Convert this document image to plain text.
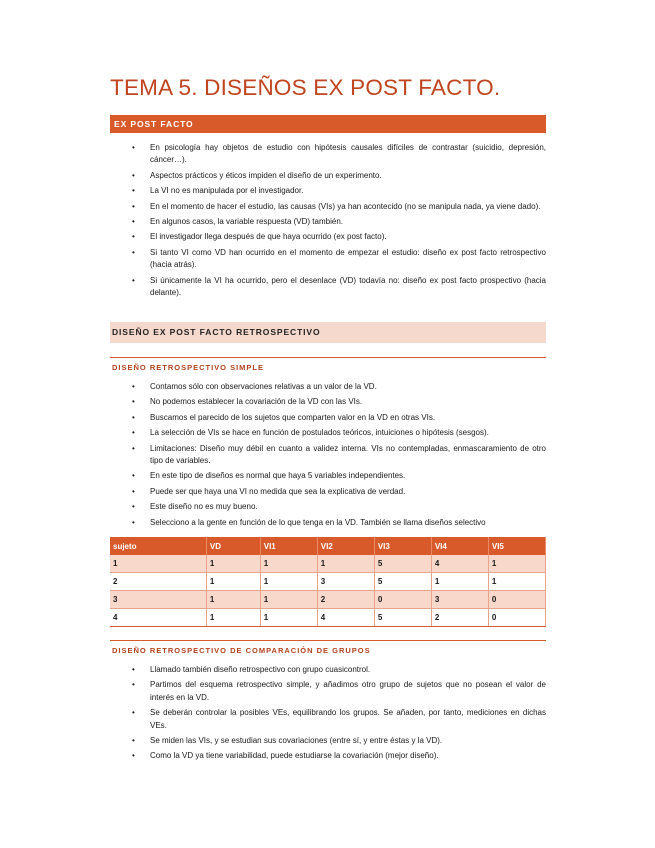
TEMA 5. DISEÑOS EX POST FACTO.
EX POST FACTO
• En psicología hay objetos de estudio con hipótesis causales difíciles de contrastar (suicidio, depresión, cáncer…).
• Aspectos prácticos y éticos impiden el diseño de un experimento.
• La VI no es manipulada por el investigador.
• En el momento de hacer el estudio, las causas (VIs) ya han acontecido (no se manipula nada, ya viene dado).
• En algunos casos, la variable respuesta (VD) también.
• El investigador llega después de que haya ocurrido (ex post facto).
• Si tanto VI como VD han ocurrido en el momento de empezar el estudio: diseño ex post facto retrospectivo (hacia atrás).
• Si únicamente la VI ha ocurrido, pero el desenlace (VD) todavía no: diseño ex post facto prospectivo (hacia delante).
DISEÑO EX POST FACTO RETROSPECTIVO
DISEÑO RETROSPECTIVO SIMPLE
• Contamos sólo con observaciones relativas a un valor de la VD.
• No podemos establecer la covariación de la VD con las VIs.
• Buscamos el parecido de los sujetos que comparten valor en la VD en otras VIs.
• La selección de VIs se hace en función de postulados teóricos, intuiciones o hipótesis (sesgos).
• Limitaciones: Diseño muy débil en cuanto a validez interna. VIs no contempladas, enmascaramiento de otro tipo de variables.
• En este tipo de diseños es normal que haya 5 variables independientes.
• Puede ser que haya una VI no medida que sea la explicativa de verdad.
• Este diseño no es muy bueno.
• Selecciono a la gente en función de lo que tenga en la VD. También se llama diseños selectivo
sujeto	VD	VI1	VI2	VI3	VI4	VI5
1	1	1	1	5	4	1
2	1	1	3	5	1	1
3	1	1	2	0	3	0
4	1	1	4	5	2	0
DISEÑO RETROSPECTIVO DE COMPARACIÓN DE GRUPOS
• Llamado también diseño retrospectivo con grupo cuasicontrol.
• Partimos del esquema retrospectivo simple, y añadimos otro grupo de sujetos que no posean el valor de interés en la VD.
• Se deberán controlar la posibles VEs, equilibrando los grupos. Se añaden, por tanto, mediciones en dichas VEs.
• Se miden las VIs, y se estudian sus covariaciones (entre sí, y entre éstas y la VD).
• Como la VD ya tiene variabilidad, puede estudiarse la covariación (mejor diseño).
